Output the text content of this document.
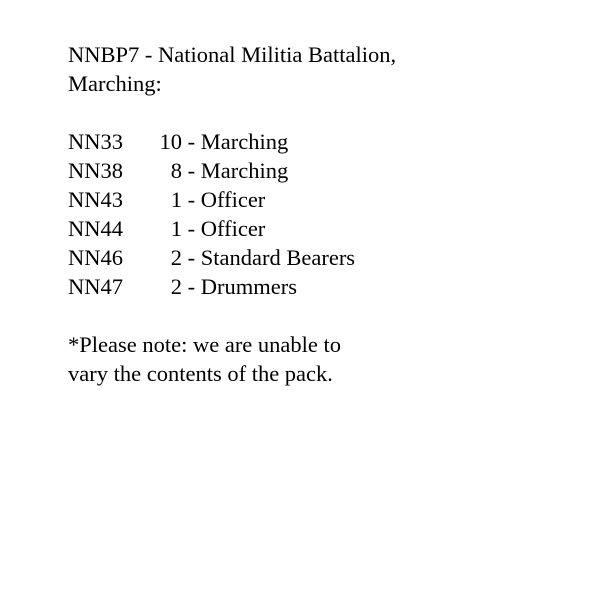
NNBP7 - National Militia Battalion,
Marching:
NN33	10 - Marching
NN38	8 - Marching
NN43	1 - Officer
NN44	1 - Officer
NN46	2 - Standard Bearers
NN47	2 - Drummers
*Please note: we are unable to
vary the contents of the pack.
